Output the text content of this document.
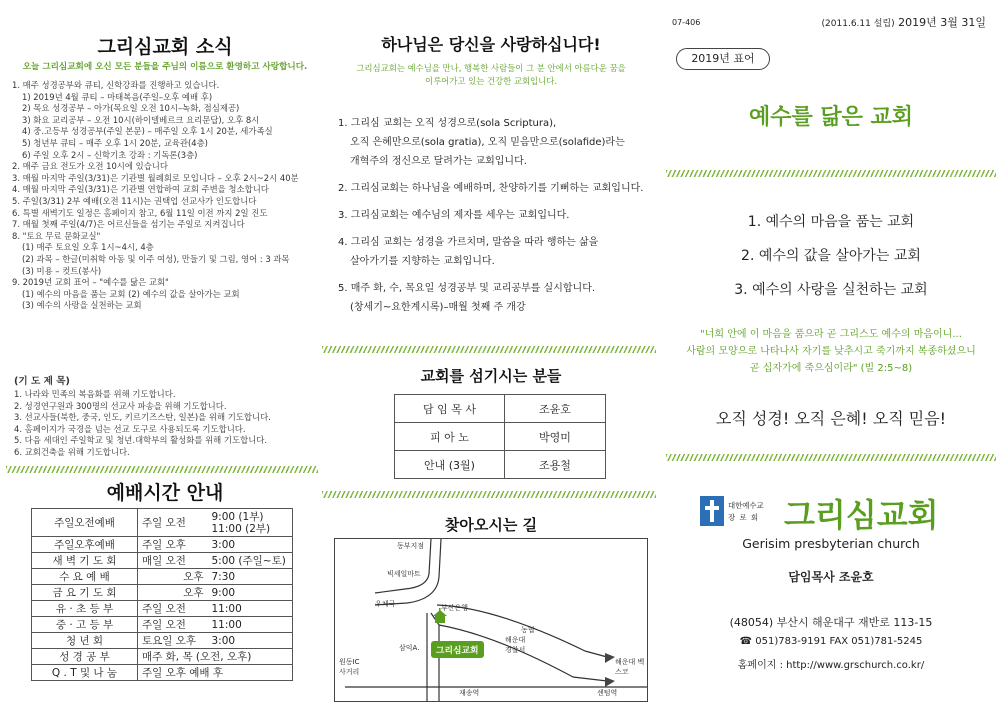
그리심교회 소식
오늘 그리심교회에 오신 모든 분들을 주님의 이름으로 환영하고 사랑합니다.
1. 매주 성경공부와 큐티, 신학강좌를 진행하고 있습니다.
1) 2019년 4월 큐티 – 마태복음(주일–오후 예배 후)
2) 목요 성경공부 – 아가(목요일 오전 10시–녹화, 점심제공)
3) 화요 교리공부 – 오전 10시(하이델베르크 요리문답), 오후 8시
4) 중.고등부 성경공부(주일 본문) – 매주일 오후 1시 20분, 세가족실
5) 청년부 큐티 – 매주 오후 1시 20분, 교육관(4층)
6) 주일 오후 2시 – 신학기초 강좌 : 기독론(3층)
2. 매주 금요 전도가 오전 10시에 있습니다
3. 매월 마지막 주일(3/31)은 기관별 월례회로 모입니다 – 오후 2시~2시 40분
4. 매월 마지막 주일(3/31)은 기관별 연합하여 교회 주변을 청소합니다
5. 주일(3/31) 2부 예배(오전 11시)는 권택업 선교사가 인도합니다
6. 특별 새벽기도 일정은 홈페이지 참고, 6월 11일 이전 까지 2일 진도
7. 매월 첫째 주일(4/7)은 어르신들을 섬기는 주일로 지켜집니다
8. "토요 무료 문화교실"
(1) 매주 토요일 오후 1시~4시, 4층
(2) 과목 – 한글(미취학 아동 및 이주 여성), 만들기 및 그림, 영어 : 3 과목
(3) 미용 – 컷트(봉사)
9. 2019년 교회 표어 – "예수를 닮은 교회"
(1) 예수의 마음을 품는 교회 (2) 예수의 값을 살아가는 교회
(3) 예수의 사랑을 실천하는 교회
(기 도 제 목)
1. 나라와 민족의 복음화를 위해 기도합니다.
2. 성경연구원과 300명의 선교사 파송을 위해 기도합니다.
3. 선교사들(북한, 중국, 인도, 키르기즈스탄, 일본)을 위해 기도합니다.
4. 홈페이지가 국경을 넘는 선교 도구로 사용되도록 기도합니다.
5. 다음 세대인 주일학교 및 청년.대학부의 활성화를 위해 기도합니다.
6. 교회건축을 위해 기도합니다.
예배시간 안내
주일오전예배	주일 오전	9:00 (1부)
11:00 (2부)

주일오후예배	주일 오후	3:00

새 벽 기 도 회	매일 오전	5:00 (주일~토)

수 요 예 배	오후	7:30

금 요 기 도 회	오후	9:00

유 · 초 등 부	주일 오전	11:00

중 · 고 등 부	주일 오전	11:00

청 년 회	토요일 오후	3:00

성 경 공 부	매주 화, 목 (오전, 오후)	
Q . T 및 나 눔	주일 오후 예배 후	
하나님은 당신을 사랑하십니다!
그리심교회는 예수님을 만나, 행복한 사람들이 그 분 안에서 아름다운 꿈을
이루어가고 있는 건강한 교회입니다.
1. 그리심 교회는 오직 성경으로(sola Scriptura),
오직 은혜만으로(sola gratia), 오직 믿음만으로(solafide)라는
개혁주의 정신으로 달려가는 교회입니다.
2. 그리심교회는 하나님을 예배하며, 찬양하기를 기뻐하는 교회입니다.
3. 그리심교회는 예수님의 제자를 세우는 교회입니다.
4. 그리심 교회는 성경을 가르치며, 말씀을 따라 행하는 삶을
살아가기를 지향하는 교회입니다.
5. 매주 화, 수, 목요일 성경공부 및 교리공부를 실시합니다.
(창세기~요한계시록)–매월 첫째 주 개강
교회를 섬기시는 분들
담 임 목 사	조윤호
피 아 노	박영미
안내 (3월)	조용철
찾아오시는 길
그리심교회
동부지점
빅세일마트
우체국	부산은행
삼익A.
농협
해운대 경찰서
원동IC 사거리
재송역
해운대 벡스코
센텀역
07-406	(2011.6.11 설립) 2019년 3월 31일
2019년 표어
예수를 닮은 교회
1. 예수의 마음을 품는 교회
2. 예수의 값을 살아가는 교회
3. 예수의 사랑을 실천하는 교회
"너희 안에 이 마음을 품으라 곧 그리스도 예수의 마음이니...
사람의 모양으로 나타나사 자기를 낮추시고 죽기까지 복종하셨으니
곧 십자가에 죽으심이라" (빌 2:5~8)
오직 성경! 오직 은혜! 오직 믿음!
대한예수교
장 로 회 그리심교회
Gerisim presbyterian church
담임목사 조윤호
(48054) 부산시 해운대구 재반로 113-15
☎ 051)783-9191 FAX 051)781-5245
홈페이지 : http://www.grschurch.co.kr/
